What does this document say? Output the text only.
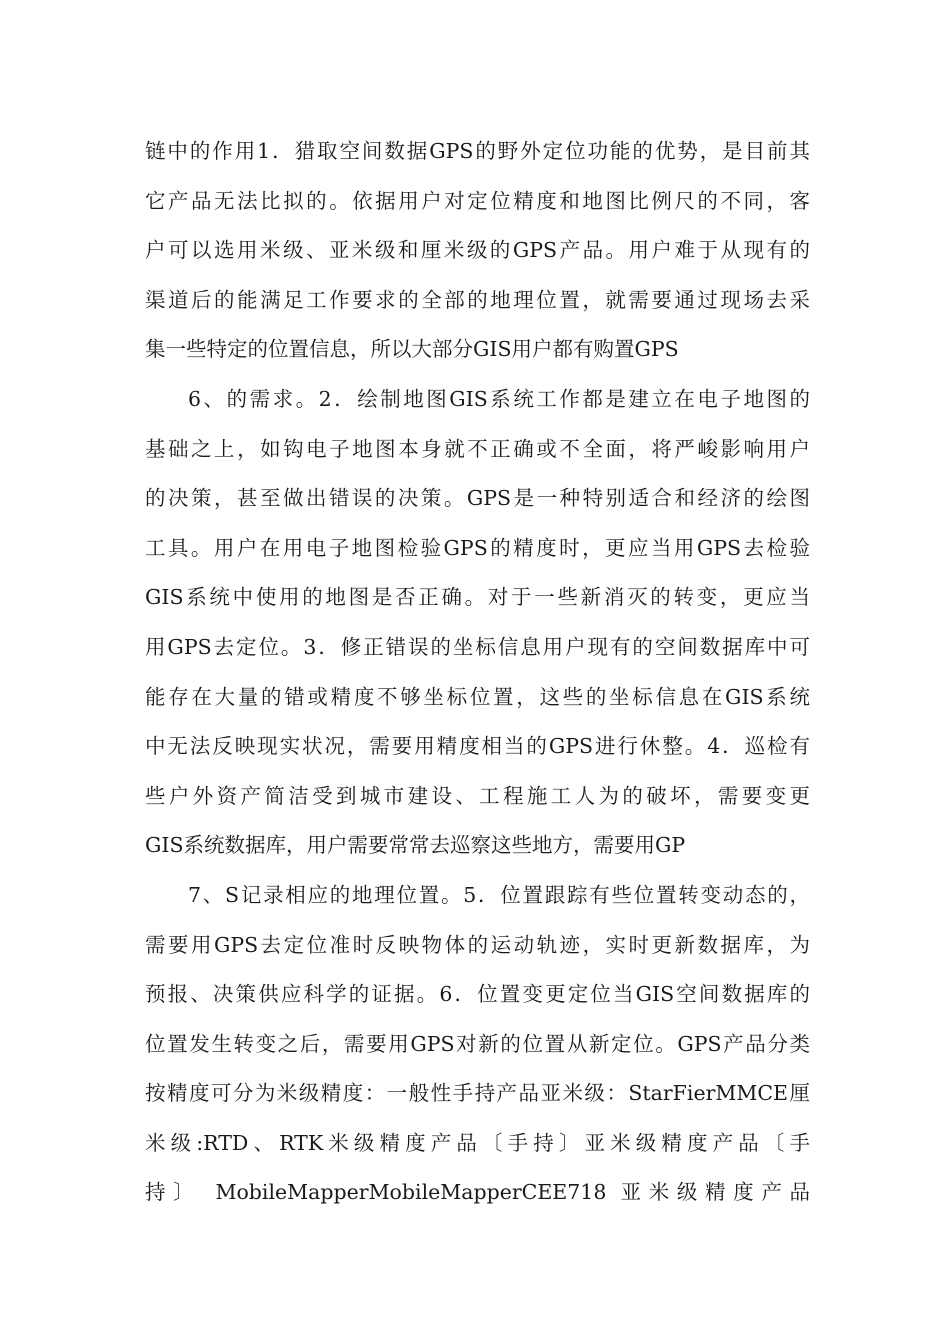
链中的作用1．猎取空间数据GPS的野外定位功能的优势，是目前其
它产品无法比拟的。依据用户对定位精度和地图比例尺的不同，客
户可以选用米级、亚米级和厘米级的GPS产品。用户难于从现有的
渠道后的能满足工作要求的全部的地理位置，就需要通过现场去采
集一些特定的位置信息，所以大部分GIS用户都有购置GPS
6、的需求。2．绘制地图GIS系统工作都是建立在电子地图的
基础之上，如钩电子地图本身就不正确或不全面，将严峻影响用户
的决策，甚至做出错误的决策。GPS是一种特别适合和经济的绘图
工具。用户在用电子地图检验GPS的精度时，更应当用GPS去检验
GIS系统中使用的地图是否正确。对于一些新消灭的转变，更应当
用GPS去定位。3．修正错误的坐标信息用户现有的空间数据库中可
能存在大量的错或精度不够坐标位置，这些的坐标信息在GIS系统
中无法反映现实状况，需要用精度相当的GPS进行休整。4．巡检有
些户外资产简洁受到城市建设、工程施工人为的破坏，需要变更
GIS系统数据库，用户需要常常去巡察这些地方，需要用GP
7、S记录相应的地理位置。5．位置跟踪有些位置转变动态的，
需要用GPS去定位准时反映物体的运动轨迹，实时更新数据库，为
预报、决策供应科学的证据。6．位置变更定位当GIS空间数据库的
位置发生转变之后，需要用GPS对新的位置从新定位。GPS产品分类
按精度可分为米级精度：一般性手持产品亚米级：StarFierMMCE厘
米级:RTD、RTK米级精度产品〔手持〕亚米级精度产品〔手
持〕 MobileMapperMobileMapperCEE718 亚米级精度产品
